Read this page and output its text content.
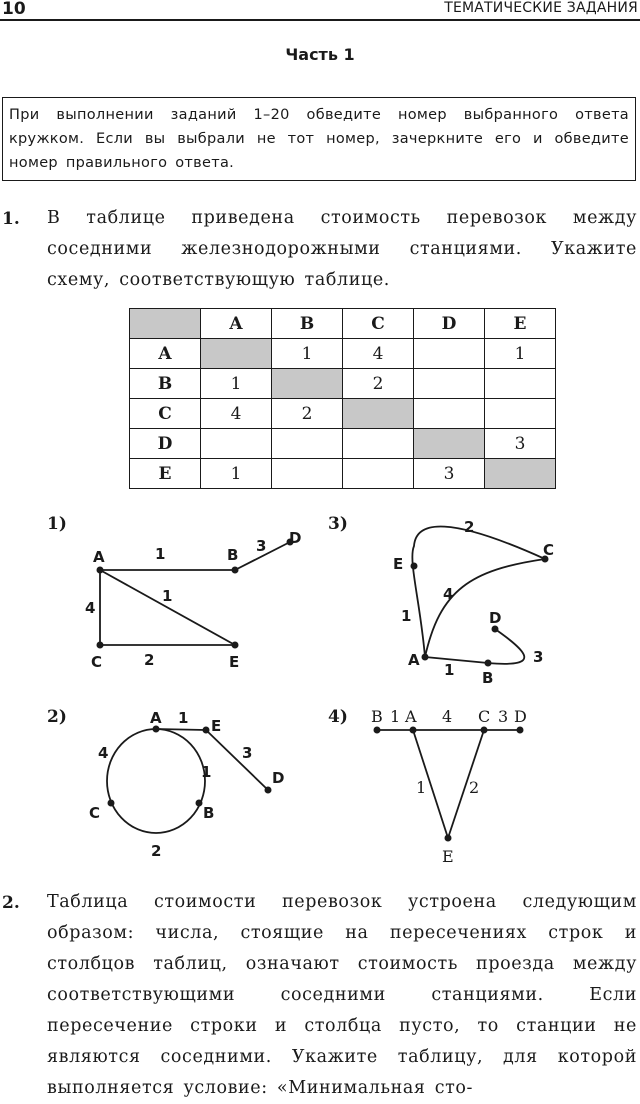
10	ТЕМАТИЧЕСКИЕ ЗАДАНИЯ
Часть 1
При выполнении заданий 1–20 обведите номер выбранного ответа кружком. Если вы выбрали не тот номер, зачеркните его и обведите номер правильного ответа.
1. В таблице приведена стоимость перевозок между соседними железнодорожными станциями. Укажите схему, соответствующую таблице.
	A	B	C	D	E
A		1	4		1
B	1		2		
C	4	2			
D					3
E	1			3	
1)	3)
2)	4)
A	B
D
C	E
1	3
1
4
2
E
C
A
B
D
2
4
1
1
3
A	E
D
C	B
1
4	3
1
2
B A	C D
E
1	4	3
1	2
2. Таблица стоимости перевозок устроена следующим образом: числа, стоящие на пересечениях строк и столбцов таблиц, означают стоимость проезда между соответствующими соседними станциями. Если пересечение строки и столбца пусто, то станции не являются соседними. Укажите таблицу, для которой выполняется условие: «Минимальная сто-
